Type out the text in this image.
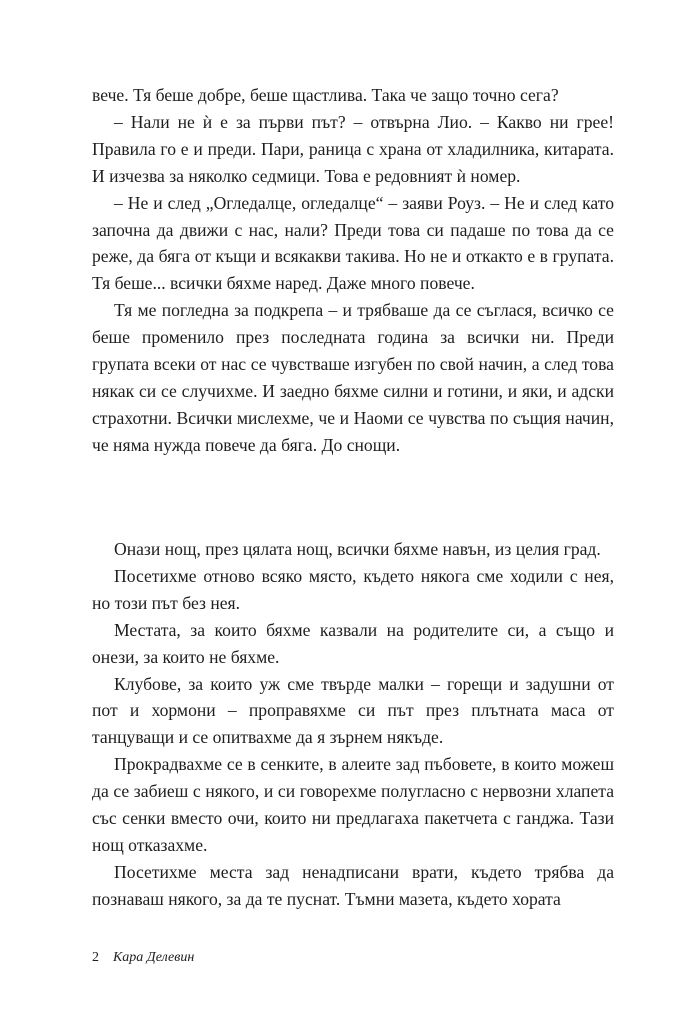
вече. Тя беше добре, беше щастлива. Така че защо точно сега?

– Нали не ѝ е за първи път? – отвърна Лио. – Какво ни грее! Правила го е и преди. Пари, раница с храна от хладилника, китарата. И изчезва за няколко седмици. Това е редовният ѝ номер.

– Не и след „Огледалце, огледалце“ – заяви Роуз. – Не и след като започна да движи с нас, нали? Преди това си падаше по това да се реже, да бяга от къщи и всякакви такива. Но не и откакто е в групата. Тя беше... всички бяхме наред. Даже много повече.

Тя ме погледна за подкрепа – и трябваше да се съглася, всичко се беше променило през последната година за всички ни. Преди групата всеки от нас се чувстваше изгубен по свой начин, а след това някак си се случихме. И заедно бяхме силни и готини, и яки, и адски страхотни. Всички мислехме, че и Наоми се чувства по същия начин, че няма нужда повече да бяга. До снощи.

Онази нощ, през цялата нощ, всички бяхме навън, из целия град.

Посетихме отново всяко място, където някога сме ходили с нея, но този път без нея.

Местата, за които бяхме казвали на родителите си, а също и онези, за които не бяхме.

Клубове, за които уж сме твърде малки – горещи и задушни от пот и хормони – проправяхме си път през плътната маса от танцуващи и се опитвахме да я зърнем някъде.

Прокрадвахме се в сенките, в алеите зад пъбовете, в които можеш да се забиеш с някого, и си говорехме полугласно с нервозни хлапета със сенки вместо очи, които ни предлагаха пакетчета с ганджа. Тази нощ отказахме.

Посетихме места зад ненадписани врати, където трябва да познаваш някого, за да те пуснат. Тъмни мазета, където хората

2 Кара Делевин
